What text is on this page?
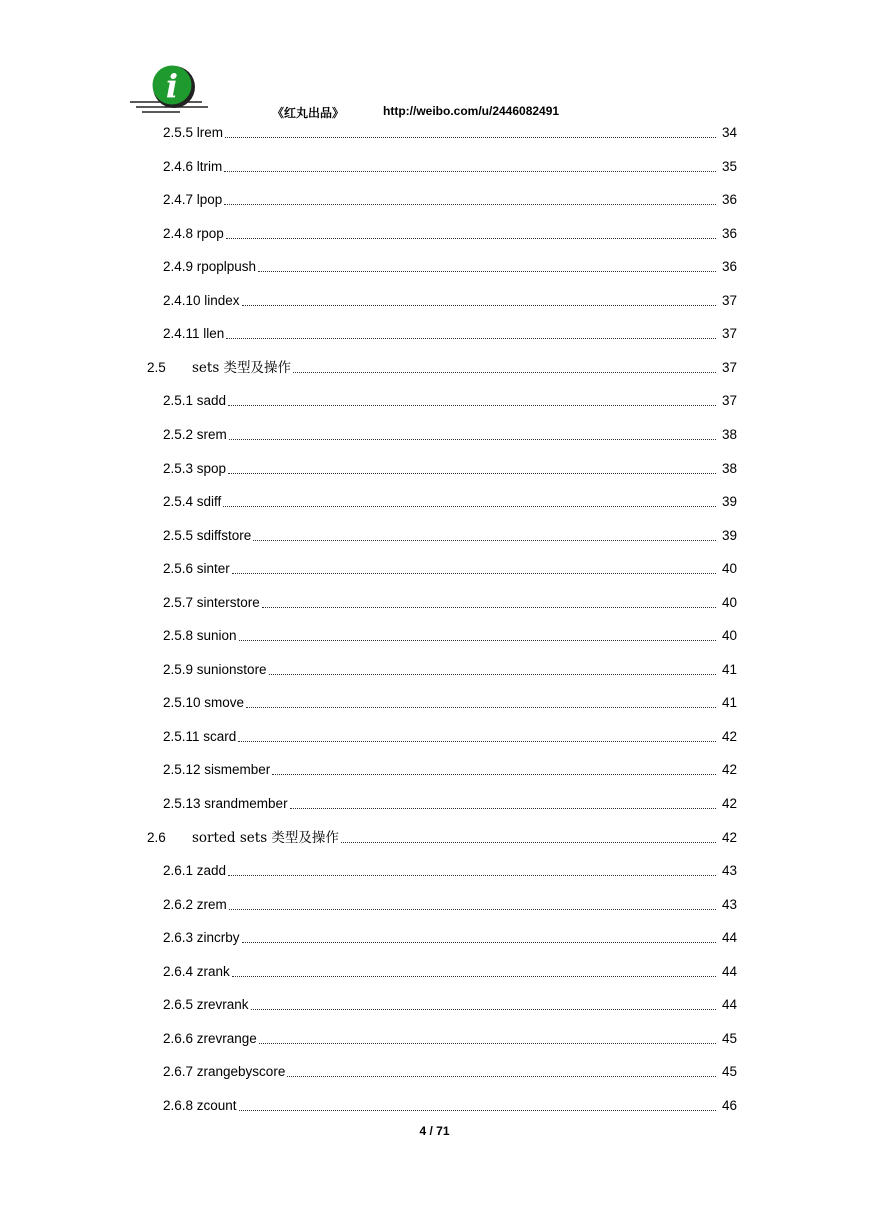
i
《红丸出品》	http://weibo.com/u/2446082491
2.5.5 lrem	34
2.4.6 ltrim	35
2.4.7 lpop	36
2.4.8 rpop	36
2.4.9 rpoplpush	36
2.4.10 lindex	37
2.4.11 llen	37
2.5	sets 类型及操作	37
2.5.1 sadd	37
2.5.2 srem	38
2.5.3 spop	38
2.5.4 sdiff	39
2.5.5 sdiffstore	39
2.5.6 sinter	40
2.5.7 sinterstore	40
2.5.8 sunion	40
2.5.9 sunionstore	41
2.5.10 smove	41
2.5.11 scard	42
2.5.12 sismember	42
2.5.13 srandmember	42
2.6	sorted sets 类型及操作	42
2.6.1 zadd	43
2.6.2 zrem	43
2.6.3 zincrby	44
2.6.4 zrank	44
2.6.5 zrevrank	44
2.6.6 zrevrange	45
2.6.7 zrangebyscore	45
2.6.8 zcount	46
4 / 71
